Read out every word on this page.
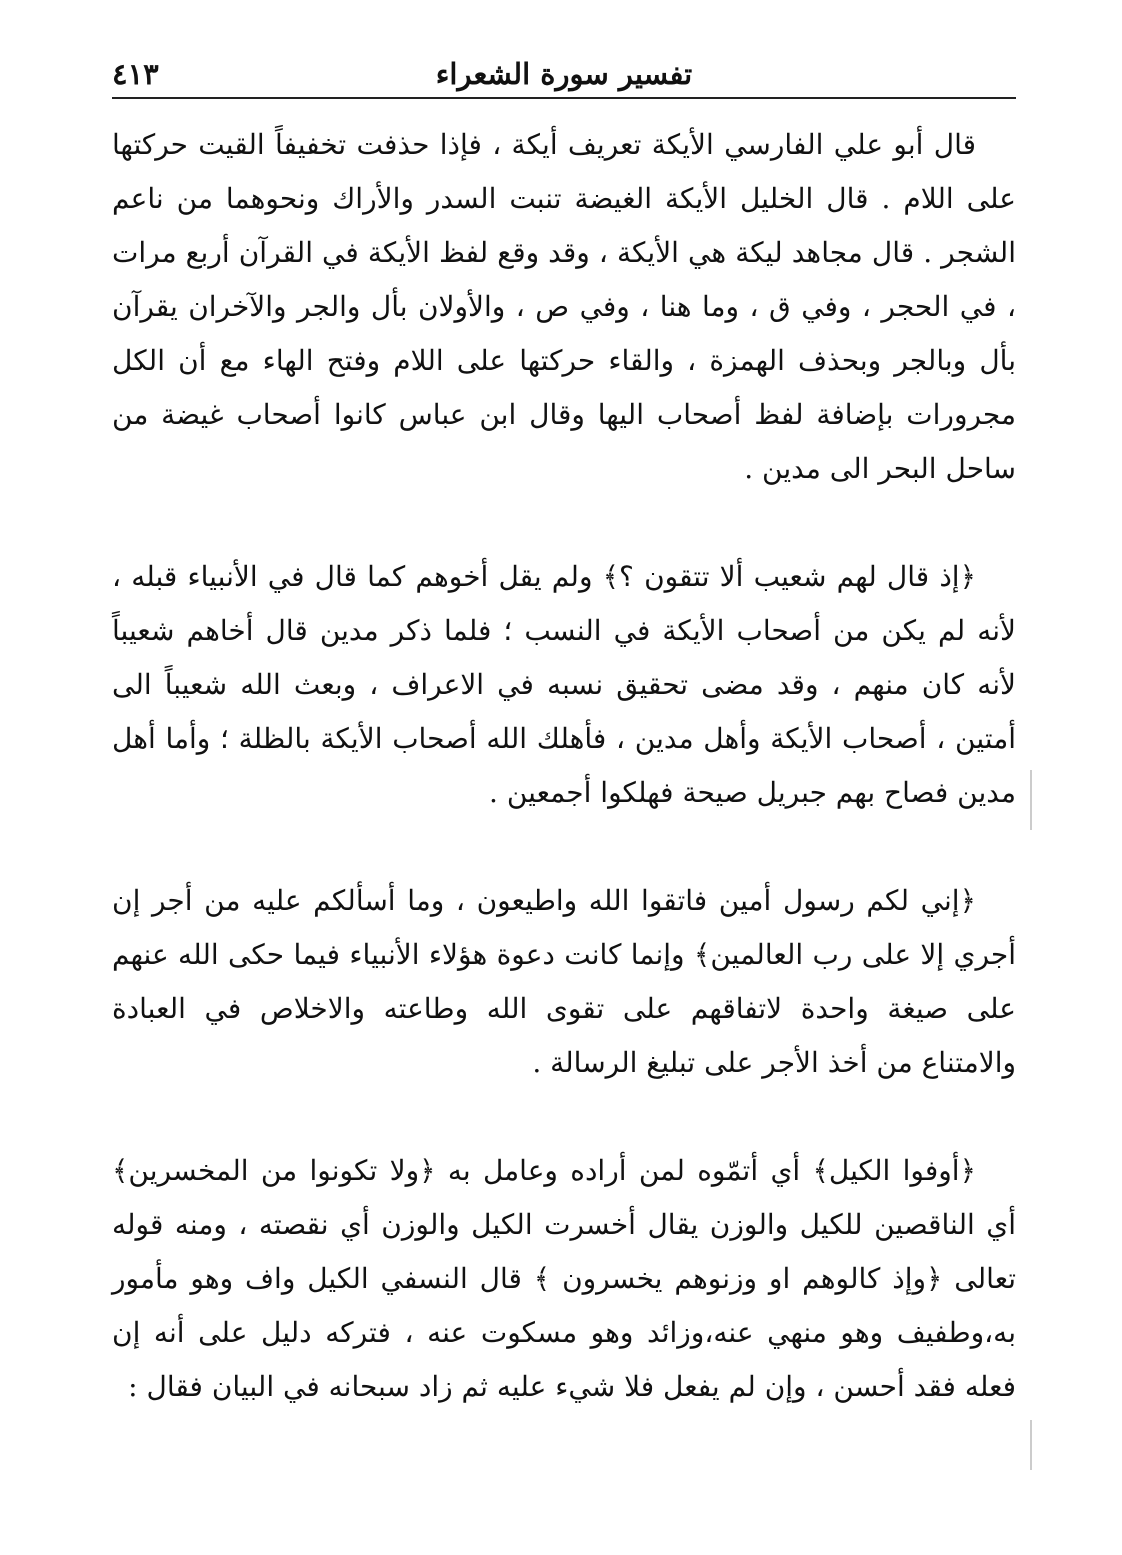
تفسير سورة الشعراء
٤١٣

قال أبو علي الفارسي الأيكة تعريف أيكة ، فإذا حذفت تخفيفاً القيت حركتها على اللام . قال الخليل الأيكة الغيضة تنبت السدر والأراك ونحوهما من ناعم الشجر . قال مجاهد ليكة هي الأيكة ، وقد وقع لفظ الأيكة في القرآن أربع مرات ، في الحجر ، وفي ق ، وما هنا ، وفي ص ، والأولان بأل والجر والآخران يقرآن بأل وبالجر وبحذف الهمزة ، والقاء حركتها على اللام وفتح الهاء مع أن الكل مجرورات بإضافة لفظ أصحاب اليها وقال ابن عباس كانوا أصحاب غيضة من ساحل البحر الى مدين .

﴿إذ قال لهم شعيب ألا تتقون ؟﴾ ولم يقل أخوهم كما قال في الأنبياء قبله ، لأنه لم يكن من أصحاب الأيكة في النسب ؛ فلما ذكر مدين قال أخاهم شعيباً لأنه كان منهم ، وقد مضى تحقيق نسبه في الاعراف ، وبعث الله شعيباً الى أمتين ، أصحاب الأيكة وأهل مدين ، فأهلك الله أصحاب الأيكة بالظلة ؛ وأما أهل مدين فصاح بهم جبريل صيحة فهلكوا أجمعين .

﴿إني لكم رسول أمين فاتقوا الله واطيعون ، وما أسألكم عليه من أجر إن أجري إلا على رب العالمين﴾ وإنما كانت دعوة هؤلاء الأنبياء فيما حكى الله عنهم على صيغة واحدة لاتفاقهم على تقوى الله وطاعته والاخلاص في العبادة والامتناع من أخذ الأجر على تبليغ الرسالة .

﴿أوفوا الكيل﴾ أي أتمّوه لمن أراده وعامل به ﴿ولا تكونوا من المخسرين﴾ أي الناقصين للكيل والوزن يقال أخسرت الكيل والوزن أي نقصته ، ومنه قوله تعالى ﴿وإذ كالوهم او وزنوهم يخسرون ﴾ قال النسفي الكيل واف وهو مأمور به،وطفيف وهو منهي عنه،وزائد وهو مسكوت عنه ، فتركه دليل على أنه إن فعله فقد أحسن ، وإن لم يفعل فلا شيء عليه ثم زاد سبحانه في البيان فقال :
